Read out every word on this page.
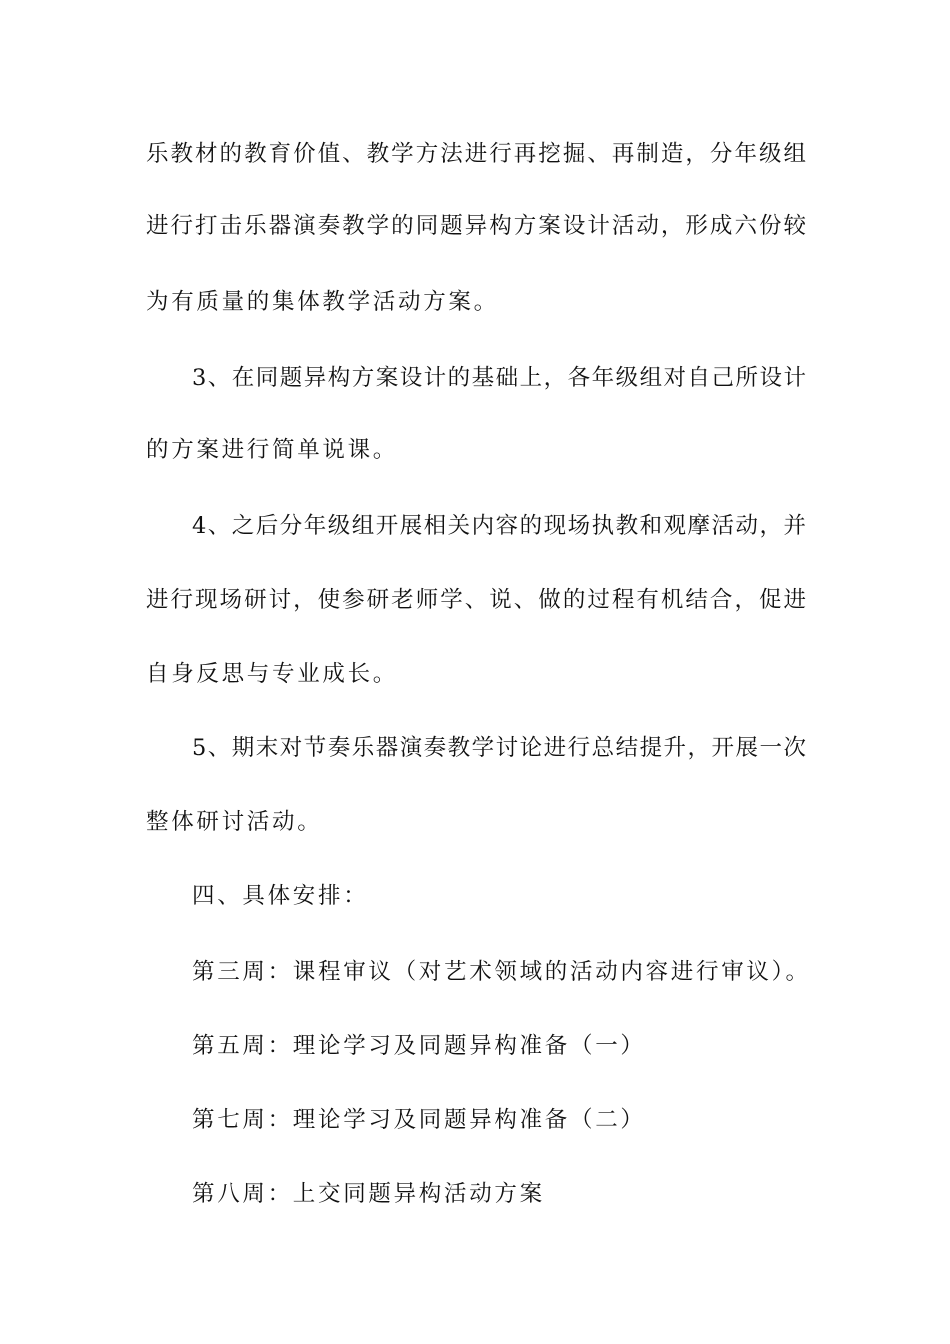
乐教材的教育价值、教学方法进行再挖掘、再制造，分年级组
进行打击乐器演奏教学的同题异构方案设计活动，形成六份较
为有质量的集体教学活动方案。
3、在同题异构方案设计的基础上，各年级组对自己所设计
的方案进行简单说课。
4、之后分年级组开展相关内容的现场执教和观摩活动，并
进行现场研讨，使参研老师学、说、做的过程有机结合，促进
自身反思与专业成长。
5、期末对节奏乐器演奏教学讨论进行总结提升，开展一次
整体研讨活动。
四、具体安排：
第三周：课程审议（对艺术领域的活动内容进行审议）。
第五周：理论学习及同题异构准备（一）
第七周：理论学习及同题异构准备（二）
第八周：上交同题异构活动方案
